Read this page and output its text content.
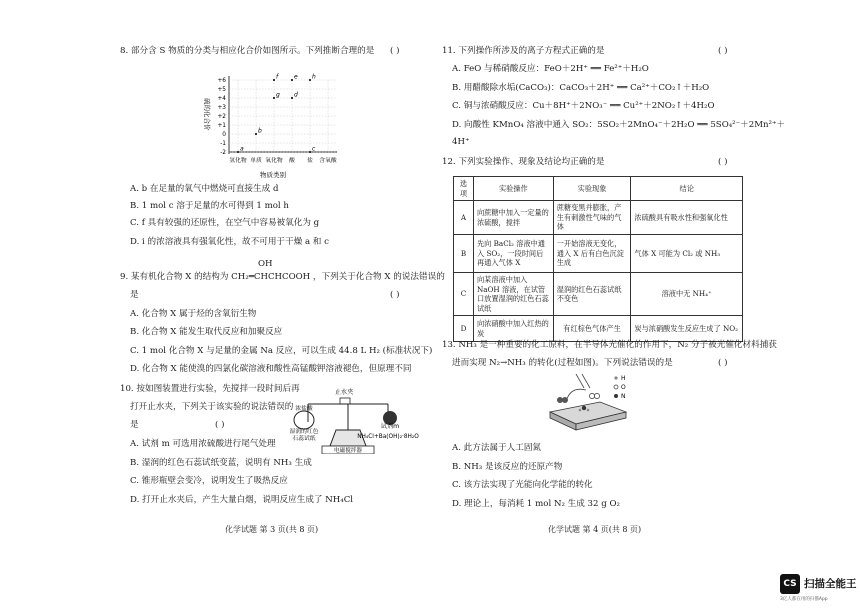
8. 部分含 S 物质的分类与相应化合价如图所示。下列推断合理的是 ( )
硫的化合价
+6
+5
+4
+3
+2
+1
0
-1
-2
氢化物 单质 氧化物 酸 盐 含氧酸
a
b
c
d
e
f
g
h
物质类别
A. b 在足量的氧气中燃烧可直接生成 d
B. 1 mol c 溶于足量的水可得到 1 mol h
C. f 具有较强的还原性，在空气中容易被氧化为 g
D. i 的浓溶液具有强氧化性，故不可用于干燥 a 和 c
OH
9. 某有机化合物 X 的结构为 CH₂═CHCHCOOH ，下列关于化合物 X 的说法错误的
是	( )
A. 化合物 X 属于烃的含氧衍生物
B. 化合物 X 能发生取代反应和加聚反应
C. 1 mol 化合物 X 与足量的金属 Na 反应，可以生成 44.8 L H₂ (标准状况下)
D. 化合物 X 能使溴的四氯化碳溶液和酸性高锰酸钾溶液褪色，但原理不同
10. 按如图装置进行实验，先搅拌一段时间后再
打开止水夹，下列关于该实验的说法错误的
是	( )
止水夹
试剂m
浓盐酸
湿润的红色
石蕊试纸	NH₄Cl+Ba(OH)₂·8H₂O
电磁搅拌器
A. 试剂 m 可选用浓硫酸进行尾气处理
B. 湿润的红色石蕊试纸变蓝，说明有 NH₃ 生成
C. 锥形瓶壁会变冷，说明发生了吸热反应
D. 打开止水夹后，产生大量白烟，说明反应生成了 NH₄Cl
化学试题 第 3 页(共 8 页)
11. 下列操作所涉及的离子方程式正确的是	( )
A. FeO 与稀硝酸反应：FeO＋2H⁺ ══ Fe²⁺＋H₂O
B. 用醋酸除水垢(CaCO₃)：CaCO₃＋2H⁺ ══ Ca²⁺＋CO₂↑＋H₂O
C. 铜与浓硝酸反应：Cu＋8H⁺＋2NO₃⁻ ══ Cu²⁺＋2NO₂↑＋4H₂O
D. 向酸性 KMnO₄ 溶液中通入 SO₂：5SO₂＋2MnO₄⁻＋2H₂O ══ 5SO₄²⁻＋2Mn²⁺＋
4H⁺
12. 下列实验操作、现象及结论均正确的是	( )
选项	实验操作	实验现象	结论
A	向蔗糖中加入一定量的浓硫酸，搅拌	蔗糖变黑并膨胀，产生有刺激性气味的气体	浓硫酸具有吸水性和强氧化性
B	先向 BaCl₂ 溶液中通入 SO₂，一段时间后再通入气体 X	一开始溶液无变化，通入 X 后有白色沉淀生成	气体 X 可能为 Cl₂ 或 NH₃
C	向某溶液中加入 NaOH 溶液，在试管口放置湿润的红色石蕊试纸	湿润的红色石蕊试纸不变色	溶液中无 NH₄⁺
D	向浓硝酸中加入红热的炭	有红棕色气体产生	炭与浓硝酸发生反应生成了 NO₂
13. NH₃ 是一种重要的化工原料，在半导体光催化的作用下，N₂ 分子被光催化材料捕获
进而实现 N₂→NH₃ 的转化(过程如图)。下列说法错误的是	( )
H
O
N
A. 此方法属于人工固氮
B. NH₃ 是该反应的还原产物
C. 该方法实现了光能向化学能的转化
D. 理论上，每消耗 1 mol N₂ 生成 32 g O₂
化学试题 第 4 页(共 8 页)
CS 扫描全能王
3亿人都在用的扫描App
